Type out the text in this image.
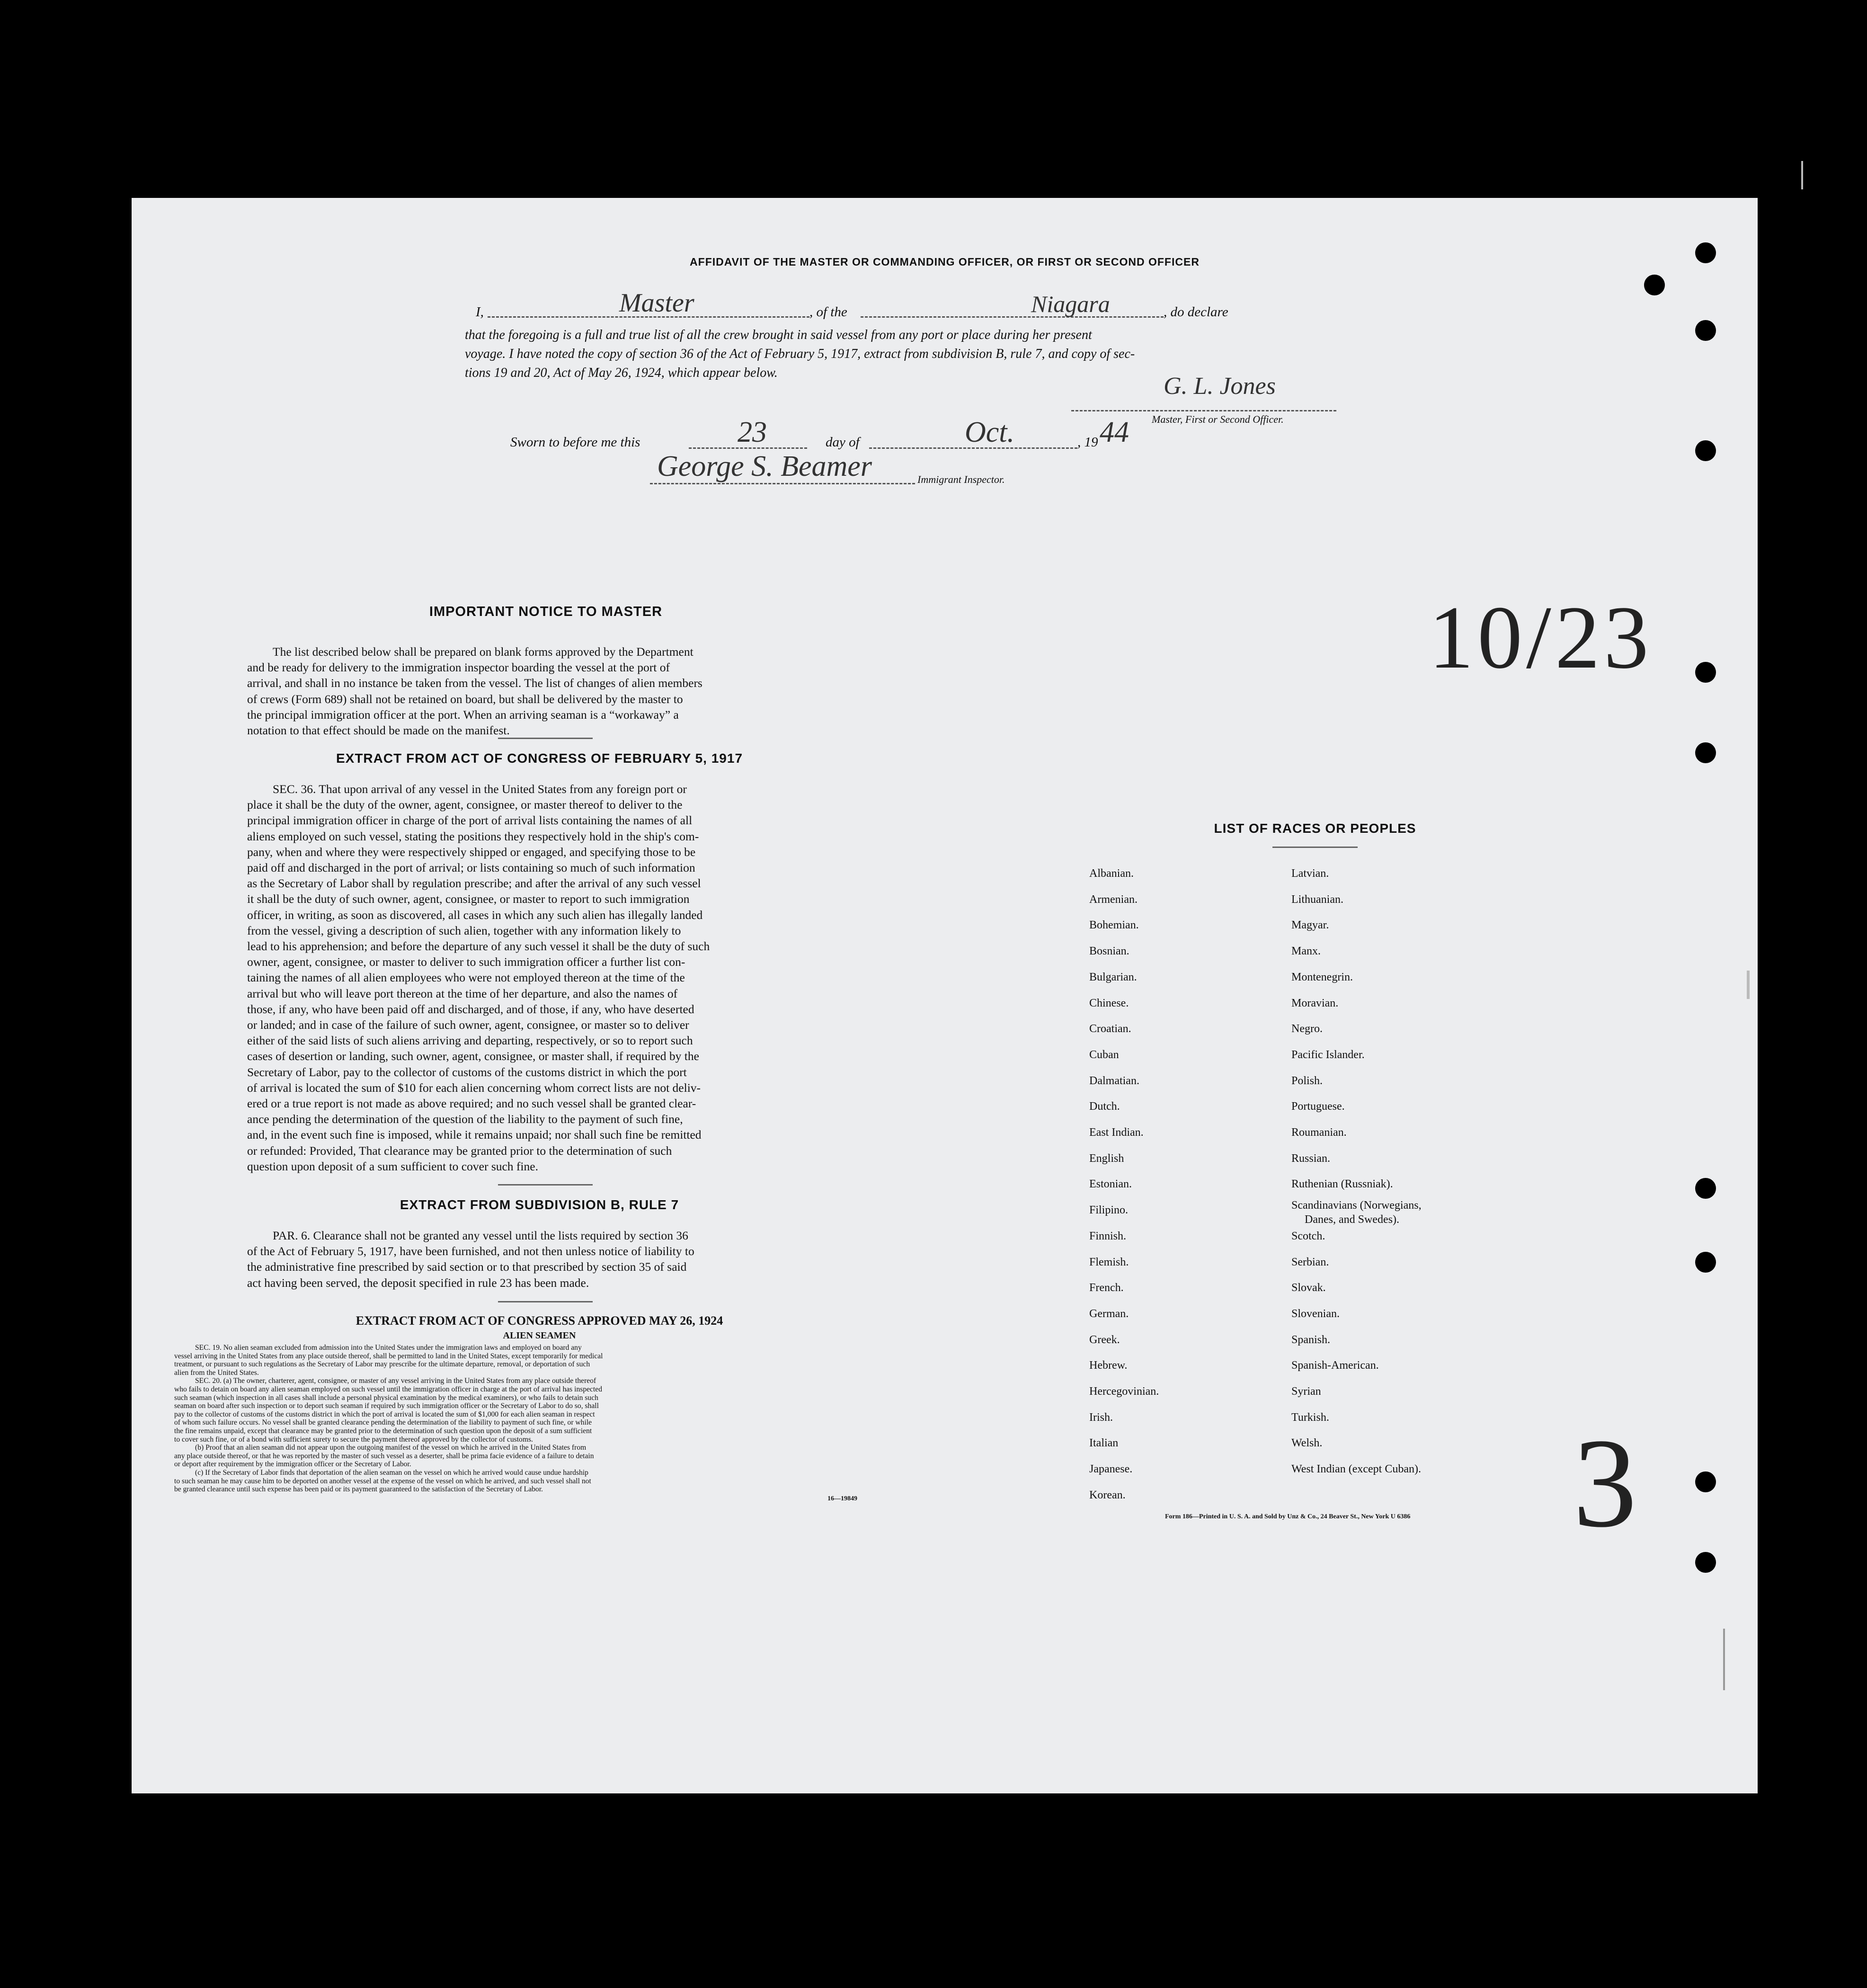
AFFIDAVIT OF THE MASTER OR COMMANDING OFFICER, OR FIRST OR SECOND OFFICER
I,	Master	, of the	Niagara	, do declare
that the foregoing is a full and true list of all the crew brought in said vessel from any port or place during her present
voyage. I have noted the copy of section 36 of the Act of February 5, 1917, extract from subdivision B, rule 7, and copy of sec-
tions 19 and 20, Act of May 26, 1924, which appear below.	G. L. Jones
Master, First or Second Officer.
Sworn to before me this	23	day of	Oct.	, 19 44
George S. Beamer	Immigrant Inspector.
IMPORTANT NOTICE TO MASTER
The list described below shall be prepared on blank forms approved by the Department
and be ready for delivery to the immigration inspector boarding the vessel at the port of
arrival, and shall in no instance be taken from the vessel. The list of changes of alien members
of crews (Form 689) shall not be retained on board, but shall be delivered by the master to
the principal immigration officer at the port. When an arriving seaman is a “workaway” a
notation to that effect should be made on the manifest.
EXTRACT FROM ACT OF CONGRESS OF FEBRUARY 5, 1917
SEC. 36. That upon arrival of any vessel in the United States from any foreign port or
place it shall be the duty of the owner, agent, consignee, or master thereof to deliver to the
principal immigration officer in charge of the port of arrival lists containing the names of all
aliens employed on such vessel, stating the positions they respectively hold in the ship's com-
pany, when and where they were respectively shipped or engaged, and specifying those to be
paid off and discharged in the port of arrival; or lists containing so much of such information
as the Secretary of Labor shall by regulation prescribe; and after the arrival of any such vessel
it shall be the duty of such owner, agent, consignee, or master to report to such immigration
officer, in writing, as soon as discovered, all cases in which any such alien has illegally landed
from the vessel, giving a description of such alien, together with any information likely to
lead to his apprehension; and before the departure of any such vessel it shall be the duty of such
owner, agent, consignee, or master to deliver to such immigration officer a further list con-
taining the names of all alien employees who were not employed thereon at the time of the
arrival but who will leave port thereon at the time of her departure, and also the names of
those, if any, who have been paid off and discharged, and of those, if any, who have deserted
or landed; and in case of the failure of such owner, agent, consignee, or master so to deliver
either of the said lists of such aliens arriving and departing, respectively, or so to report such
cases of desertion or landing, such owner, agent, consignee, or master shall, if required by the
Secretary of Labor, pay to the collector of customs of the customs district in which the port
of arrival is located the sum of $10 for each alien concerning whom correct lists are not deliv-
ered or a true report is not made as above required; and no such vessel shall be granted clear-
ance pending the determination of the question of the liability to the payment of such fine,
and, in the event such fine is imposed, while it remains unpaid; nor shall such fine be remitted
or refunded: Provided, That clearance may be granted prior to the determination of such
question upon deposit of a sum sufficient to cover such fine.
EXTRACT FROM SUBDIVISION B, RULE 7
PAR. 6. Clearance shall not be granted any vessel until the lists required by section 36
of the Act of February 5, 1917, have been furnished, and not then unless notice of liability to
the administrative fine prescribed by said section or to that prescribed by section 35 of said
act having been served, the deposit specified in rule 23 has been made.
EXTRACT FROM ACT OF CONGRESS APPROVED MAY 26, 1924
ALIEN SEAMEN
SEC. 19. No alien seaman excluded from admission into the United States under the immigration laws and employed on board any
vessel arriving in the United States from any place outside thereof, shall be permitted to land in the United States, except temporarily for medical
treatment, or pursuant to such regulations as the Secretary of Labor may prescribe for the ultimate departure, removal, or deportation of such
alien from the United States.
SEC. 20. (a) The owner, charterer, agent, consignee, or master of any vessel arriving in the United States from any place outside thereof
who fails to detain on board any alien seaman employed on such vessel until the immigration officer in charge at the port of arrival has inspected
such seaman (which inspection in all cases shall include a personal physical examination by the medical examiners), or who fails to detain such
seaman on board after such inspection or to deport such seaman if required by such immigration officer or the Secretary of Labor to do so, shall
pay to the collector of customs of the customs district in which the port of arrival is located the sum of $1,000 for each alien seaman in respect
of whom such failure occurs. No vessel shall be granted clearance pending the determination of the liability to payment of such fine, or while
the fine remains unpaid, except that clearance may be granted prior to the determination of such question upon the deposit of a sum sufficient
to cover such fine, or of a bond with sufficient surety to secure the payment thereof approved by the collector of customs.
(b) Proof that an alien seaman did not appear upon the outgoing manifest of the vessel on which he arrived in the United States from
any place outside thereof, or that he was reported by the master of such vessel as a deserter, shall be prima facie evidence of a failure to detain
or deport after requirement by the immigration officer or the Secretary of Labor.
(c) If the Secretary of Labor finds that deportation of the alien seaman on the vessel on which he arrived would cause undue hardship
to such seaman he may cause him to be deported on another vessel at the expense of the vessel on which he arrived, and such vessel shall not
be granted clearance until such expense has been paid or its payment guaranteed to the satisfaction of the Secretary of Labor.
16—19849
LIST OF RACES OR PEOPLES
Albanian.
Armenian.
Bohemian.
Bosnian.
Bulgarian.
Chinese.
Croatian.
Cuban
Dalmatian.
Dutch.
East Indian.
English
Estonian.
Filipino.
Finnish.
Flemish.
French.
German.
Greek.
Hebrew.
Hercegovinian.
Irish.
Italian
Japanese.
Korean.
Latvian.
Lithuanian.
Magyar.
Manx.
Montenegrin.
Moravian.
Negro.
Pacific Islander.
Polish.
Portuguese.
Roumanian.
Russian.
Ruthenian (Russniak).
Scandinavians (Norwegians,
Danes, and Swedes).
Scotch.
Serbian.
Slovak.
Slovenian.
Spanish.
Spanish-American.
Syrian
Turkish.
Welsh.
West Indian (except Cuban).
Form 186—Printed in U. S. A. and Sold by Unz & Co., 24 Beaver St., New York U 6386
10/23
3
